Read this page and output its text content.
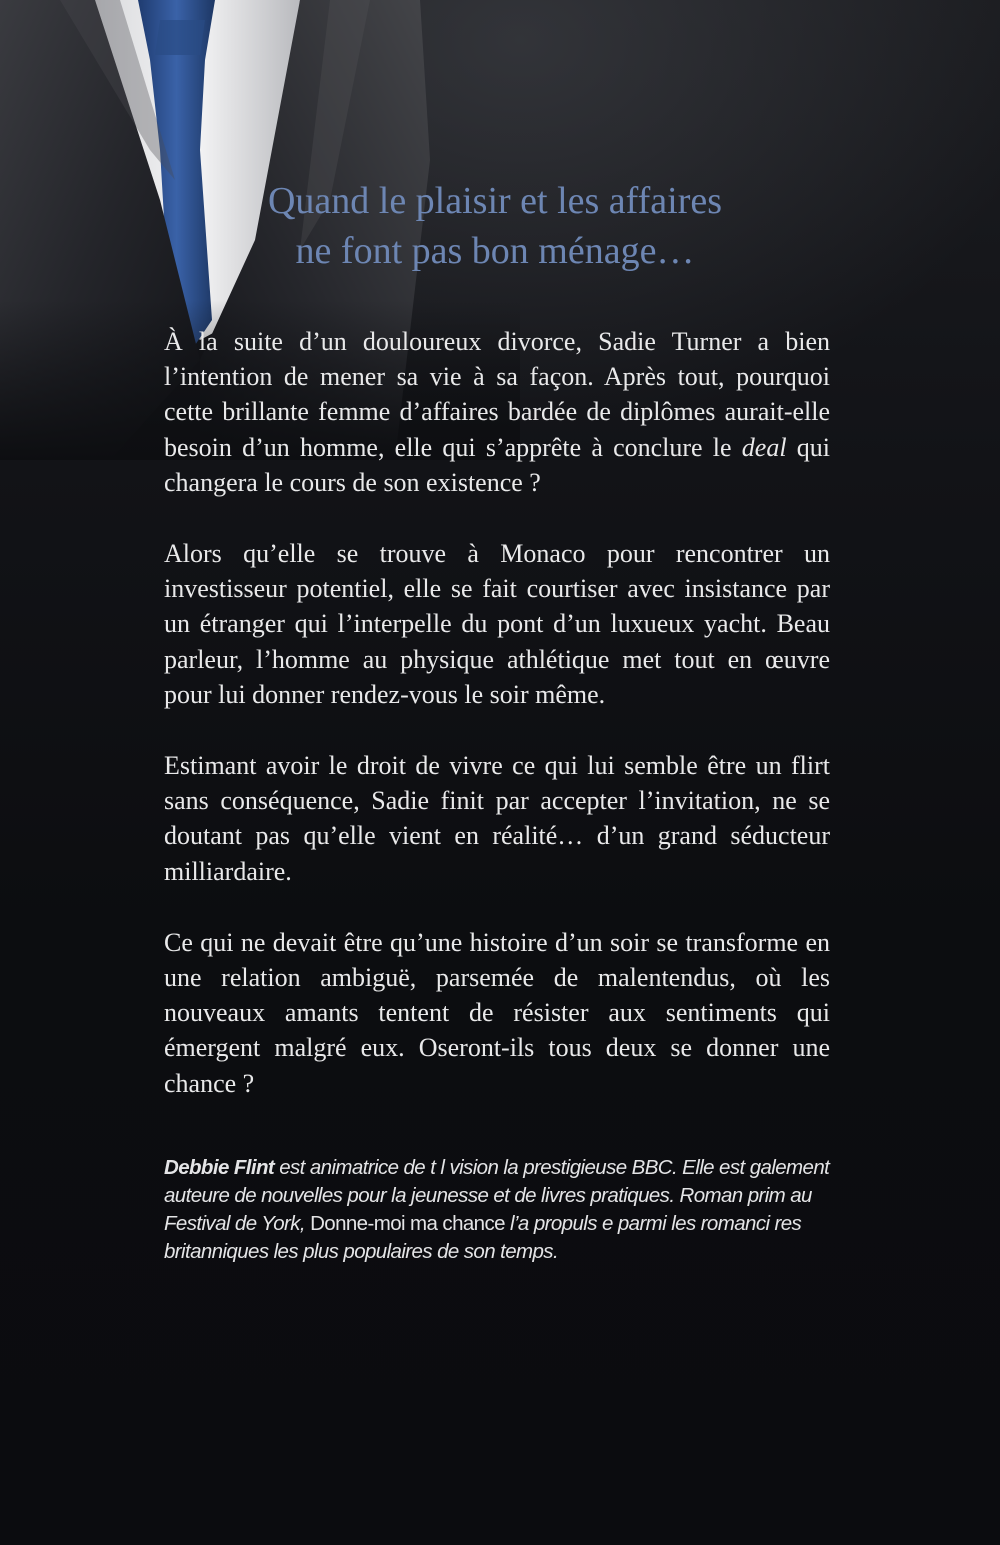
Quand le plaisir et les affaires
ne font pas bon ménage…

À la suite d’un douloureux divorce, Sadie Turner a bien l’intention de mener sa vie à sa façon. Après tout, pourquoi cette brillante femme d’affaires bardée de diplômes aurait-elle besoin d’un homme, elle qui s’apprête à conclure le deal qui changera le cours de son existence ?

Alors qu’elle se trouve à Monaco pour rencontrer un investisseur potentiel, elle se fait courtiser avec insistance par un étranger qui l’interpelle du pont d’un luxueux yacht. Beau parleur, l’homme au physique athlétique met tout en œuvre pour lui donner rendez-vous le soir même.

Estimant avoir le droit de vivre ce qui lui semble être un flirt sans conséquence, Sadie finit par accepter l’invitation, ne se doutant pas qu’elle vient en réalité… d’un grand séducteur milliardaire.

Ce qui ne devait être qu’une histoire d’un soir se transforme en une relation ambiguë, parsemée de malentendus, où les nouveaux amants tentent de résister aux sentiments qui émergent malgré eux. Oseront-ils tous deux se donner une chance ?

Debbie Flint est animatrice de t l vision la prestigieuse BBC. Elle est galement auteure de nouvelles pour la jeunesse et de livres pratiques. Roman prim au Festival de York, Donne-moi ma chance l’a propuls e parmi les romanci res britanniques les plus populaires de son temps.
